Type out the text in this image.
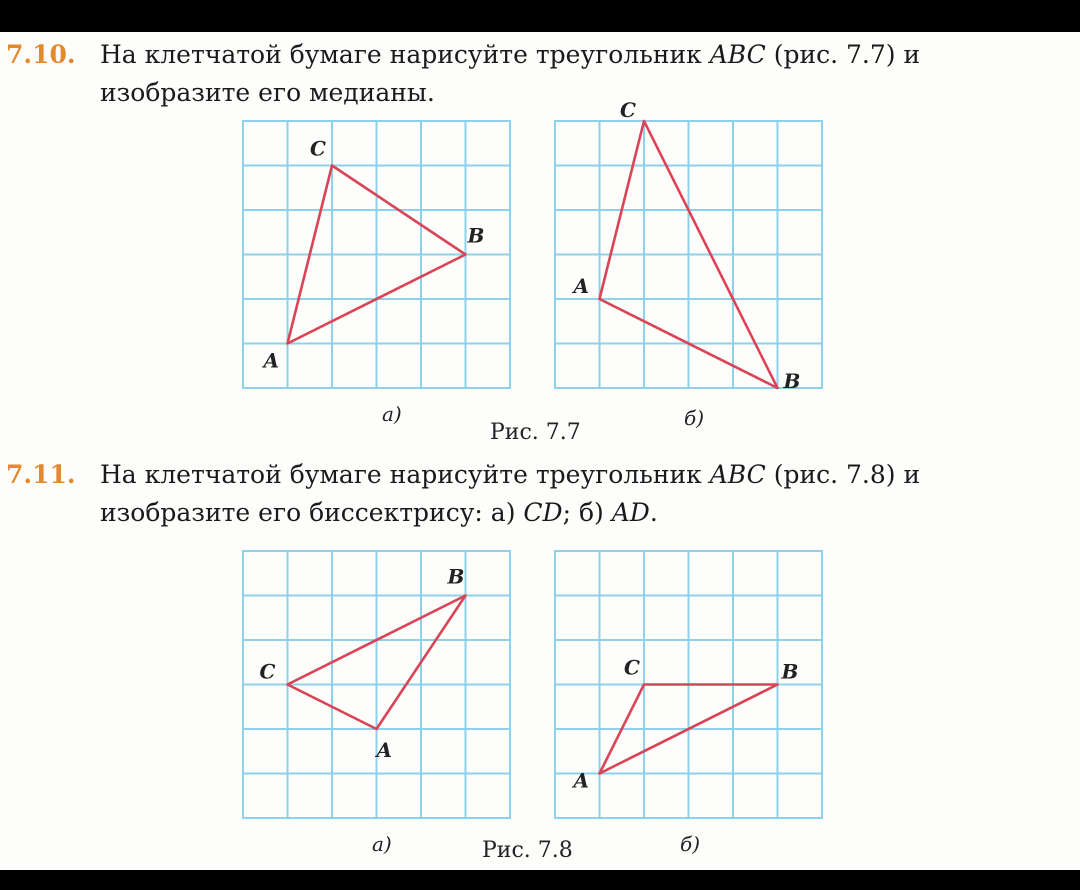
7.10. На клетчатой бумаге нарисуйте треугольник ABC (рис. 7.7) и
изобразите его медианы.
A
B
C
A
B
C
а)
Рис. 7.7
б)
7.11. На клетчатой бумаге нарисуйте треугольник ABC (рис. 7.8) и
изобразите его биссектрису: а) CD; б) AD.
A
B
C
A
B
C
а)	Рис. 7.8	б)
